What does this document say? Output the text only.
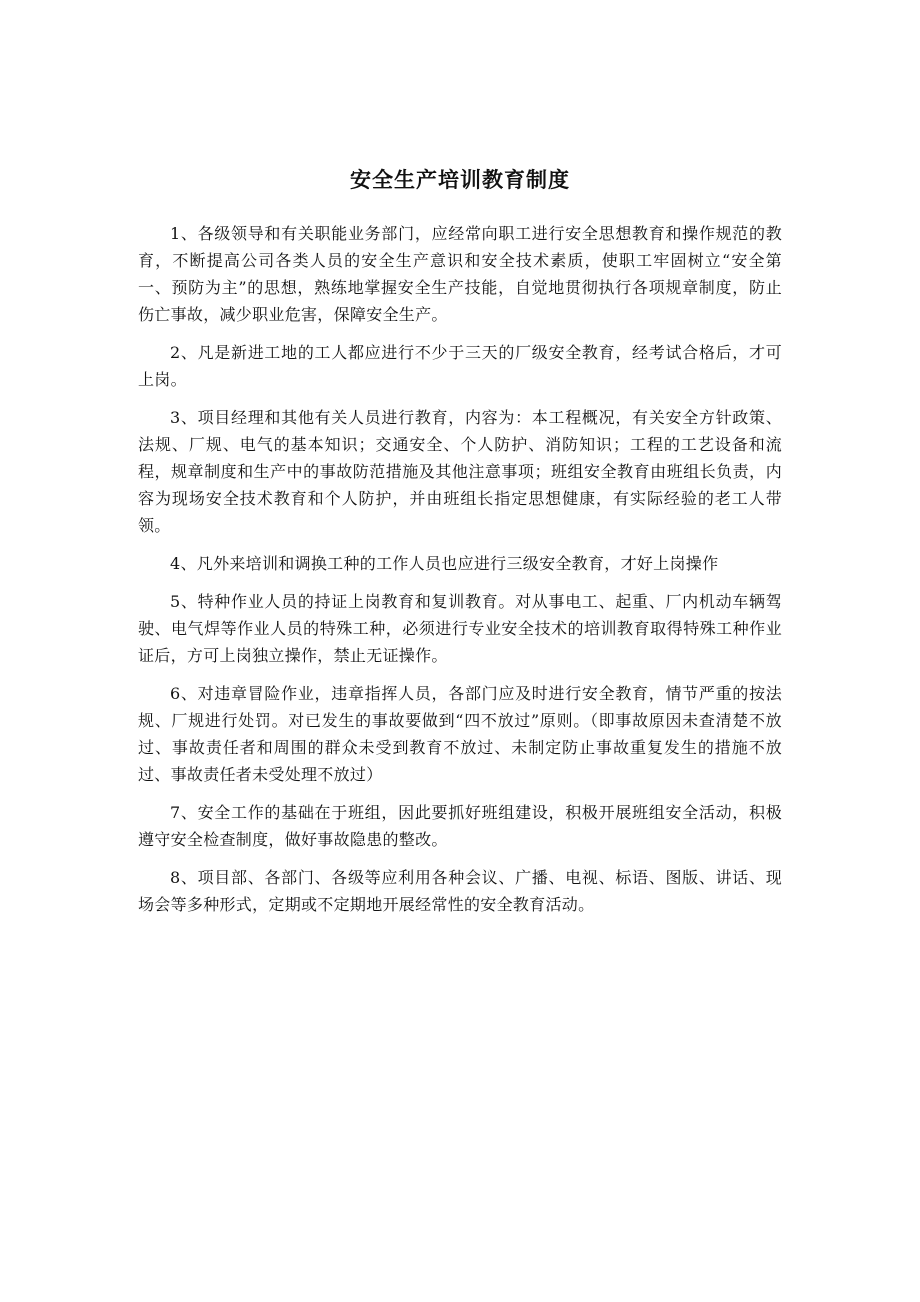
安全生产培训教育制度

1、各级领导和有关职能业务部门，应经常向职工进行安全思想教育和操作规范的教育，不断提高公司各类人员的安全生产意识和安全技术素质，使职工牢固树立“安全第一、预防为主”的思想，熟练地掌握安全生产技能，自觉地贯彻执行各项规章制度，防止伤亡事故，减少职业危害，保障安全生产。

2、凡是新进工地的工人都应进行不少于三天的厂级安全教育，经考试合格后，才可上岗。

3、项目经理和其他有关人员进行教育，内容为：本工程概况，有关安全方针政策、法规、厂规、电气的基本知识；交通安全、个人防护、消防知识；工程的工艺设备和流程，规章制度和生产中的事故防范措施及其他注意事项；班组安全教育由班组长负责，内容为现场安全技术教育和个人防护，并由班组长指定思想健康，有实际经验的老工人带领。

4、凡外来培训和调换工种的工作人员也应进行三级安全教育，才好上岗操作

5、特种作业人员的持证上岗教育和复训教育。对从事电工、起重、厂内机动车辆驾驶、电气焊等作业人员的特殊工种，必须进行专业安全技术的培训教育取得特殊工种作业证后，方可上岗独立操作，禁止无证操作。

6、对违章冒险作业，违章指挥人员，各部门应及时进行安全教育，情节严重的按法规、厂规进行处罚。对已发生的事故要做到“四不放过”原则。（即事故原因未查清楚不放过、事故责任者和周围的群众未受到教育不放过、未制定防止事故重复发生的措施不放过、事故责任者未受处理不放过）

7、安全工作的基础在于班组，因此要抓好班组建设，积极开展班组安全活动，积极遵守安全检查制度，做好事故隐患的整改。

8、项目部、各部门、各级等应利用各种会议、广播、电视、标语、图版、讲话、现场会等多种形式，定期或不定期地开展经常性的安全教育活动。
